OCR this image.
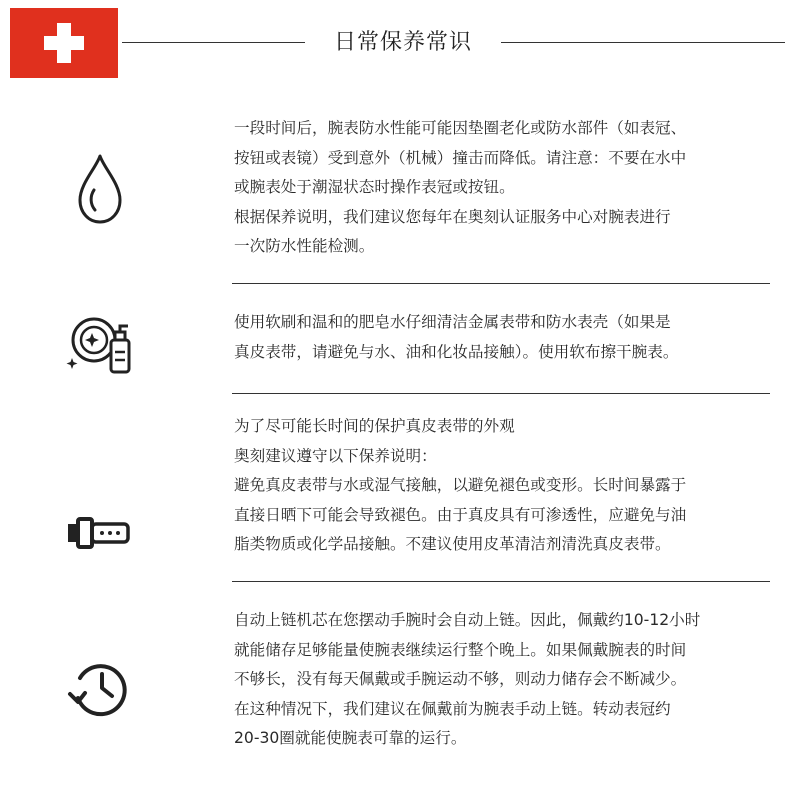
日常保养常识

一段时间后，腕表防水性能可能因垫圈老化或防水部件（如表冠、

按钮或表镜）受到意外（机械）撞击而降低。请注意：不要在水中

或腕表处于潮湿状态时操作表冠或按钮。

根据保养说明，我们建议您每年在奥刻认证服务中心对腕表进行

一次防水性能检测。

使用软刷和温和的肥皂水仔细清洁金属表带和防水表壳（如果是

真皮表带，请避免与水、油和化妆品接触）。使用软布擦干腕表。

为了尽可能长时间的保护真皮表带的外观

奥刻建议遵守以下保养说明：

避免真皮表带与水或湿气接触，以避免褪色或变形。长时间暴露于

直接日晒下可能会导致褪色。由于真皮具有可渗透性，应避免与油

脂类物质或化学品接触。不建议使用皮革清洁剂清洗真皮表带。

自动上链机芯在您摆动手腕时会自动上链。因此，佩戴约10-12小时

就能储存足够能量使腕表继续运行整个晚上。如果佩戴腕表的时间

不够长，没有每天佩戴或手腕运动不够，则动力储存会不断减少。

在这种情况下，我们建议在佩戴前为腕表手动上链。转动表冠约

20-30圈就能使腕表可靠的运行。
